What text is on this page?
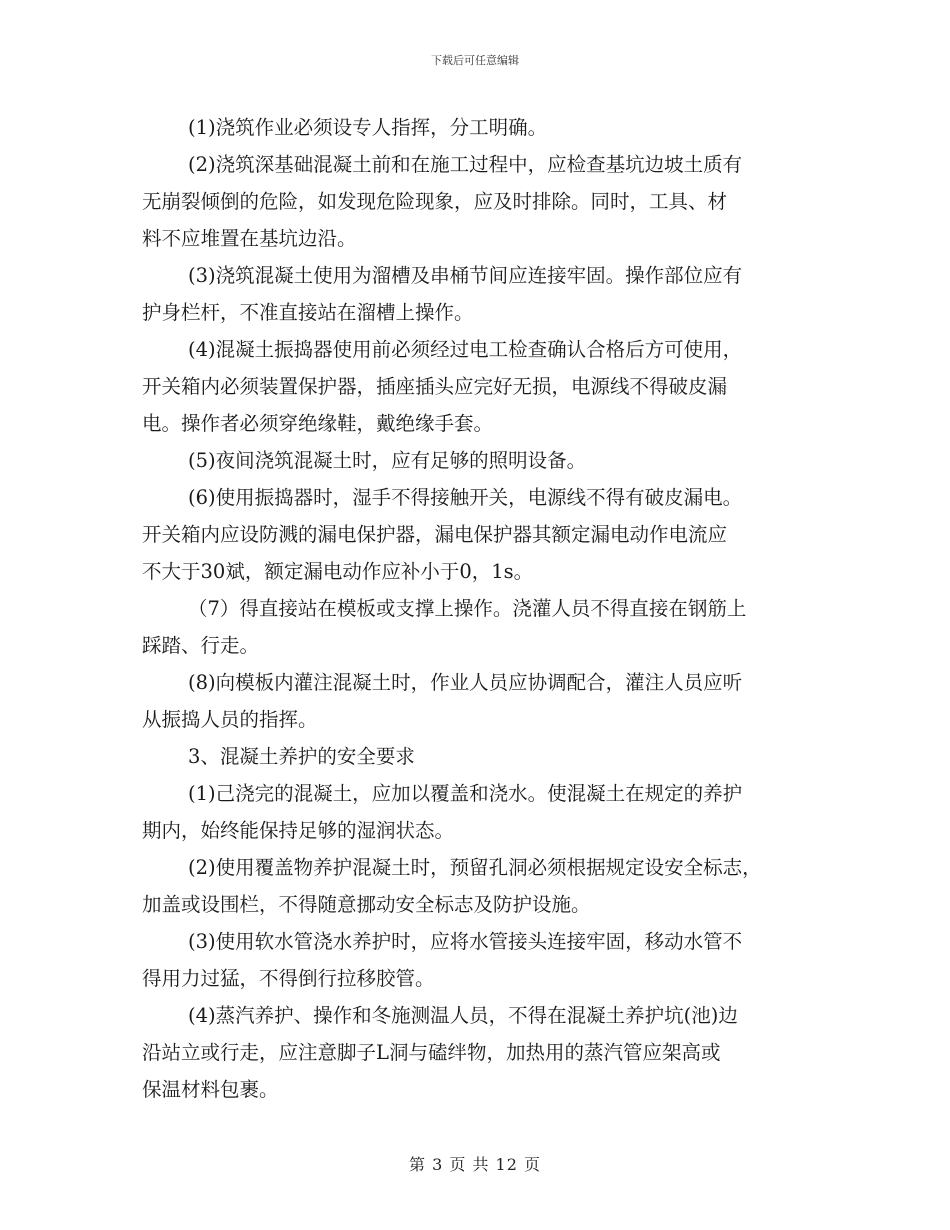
下载后可任意编辑
(1)浇筑作业必须设专人指挥，分工明确。
(2)浇筑深基础混凝土前和在施工过程中，应检查基坑边坡土质有
无崩裂倾倒的危险，如发现危险现象，应及时排除。同时，工具、材
料不应堆置在基坑边沿。
(3)浇筑混凝土使用为溜槽及串桶节间应连接牢固。操作部位应有
护身栏杆，不准直接站在溜槽上操作。
(4)混凝土振捣器使用前必须经过电工检查确认合格后方可使用，
开关箱内必须装置保护器，插座插头应完好无损，电源线不得破皮漏
电。操作者必须穿绝缘鞋，戴绝缘手套。
(5)夜间浇筑混凝土时，应有足够的照明设备。
(6)使用振捣器时，湿手不得接触开关，电源线不得有破皮漏电。
开关箱内应设防溅的漏电保护器，漏电保护器其额定漏电动作电流应
不大于30斌，额定漏电动作应补小于0，1s。
（7）得直接站在模板或支撑上操作。浇灌人员不得直接在钢筋上
踩踏、行走。
(8)向模板内灌注混凝土时，作业人员应协调配合，灌注人员应听
从振捣人员的指挥。
3、混凝土养护的安全要求
(1)己浇完的混凝土，应加以覆盖和浇水。使混凝土在规定的养护
期内，始终能保持足够的湿润状态。
(2)使用覆盖物养护混凝土时，预留孔洞必须根据规定设安全标志，
加盖或设围栏，不得随意挪动安全标志及防护设施。
(3)使用软水管浇水养护时，应将水管接头连接牢固，移动水管不
得用力过猛，不得倒行拉移胶管。
(4)蒸汽养护、操作和冬施测温人员，不得在混凝土养护坑(池)边
沿站立或行走，应注意脚子L洞与磕绊物，加热用的蒸汽管应架高或
保温材料包裹。
第 3 页 共 12 页
